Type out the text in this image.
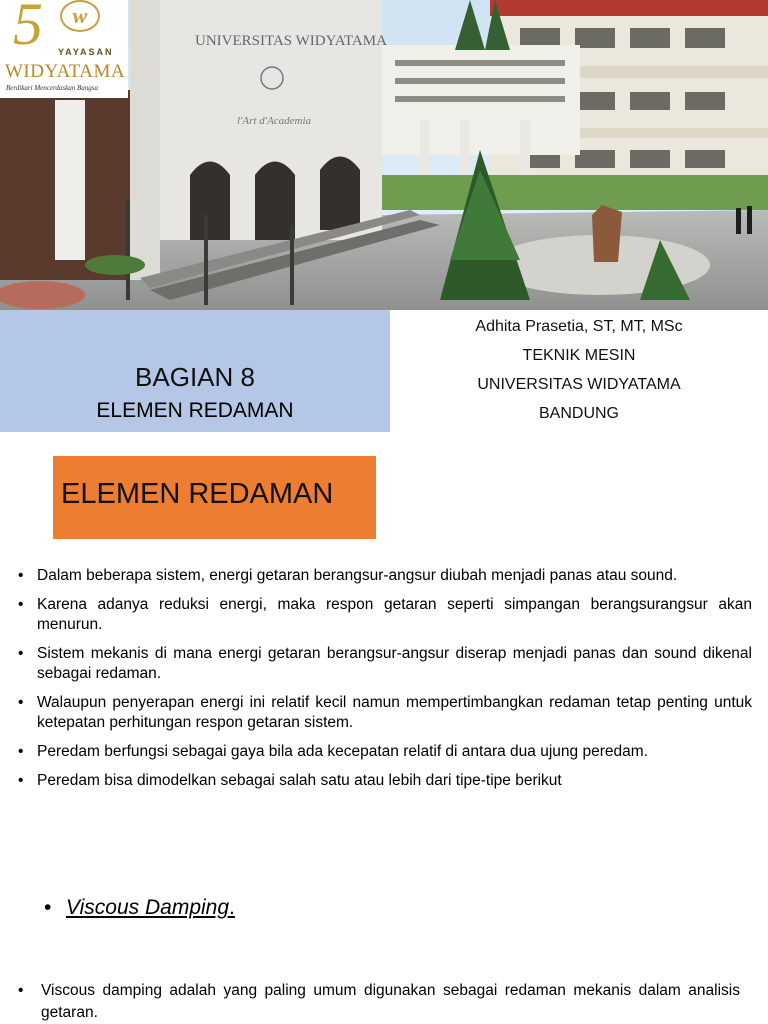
UNIVERSITAS WIDYATAMA
l'Art d'Academia
5	w
YAYASAN
WIDYATAMA
Berdikari Mencerdaskan Bangsa
BAGIAN 8
ELEMEN REDAMAN
Adhita Prasetia, ST, MT, MSc
TEKNIK MESIN
UNIVERSITAS WIDYATAMA
BANDUNG
ELEMEN REDAMAN
• Dalam beberapa sistem, energi getaran berangsur-angsur diubah menjadi panas atau sound.
• Karena adanya reduksi energi, maka respon getaran seperti simpangan berangsurangsur akan menurun.
• Sistem mekanis di mana energi getaran berangsur-angsur diserap menjadi panas dan sound dikenal sebagai redaman.
• Walaupun penyerapan energi ini relatif kecil namun mempertimbangkan redaman tetap penting untuk ketepatan perhitungan respon getaran sistem.
• Peredam berfungsi sebagai gaya bila ada kecepatan relatif di antara dua ujung peredam.
• Peredam bisa dimodelkan sebagai salah satu atau lebih dari tipe-tipe berikut
• Viscous Damping.
• Viscous damping adalah yang paling umum digunakan sebagai redaman mekanis dalam analisis getaran.
